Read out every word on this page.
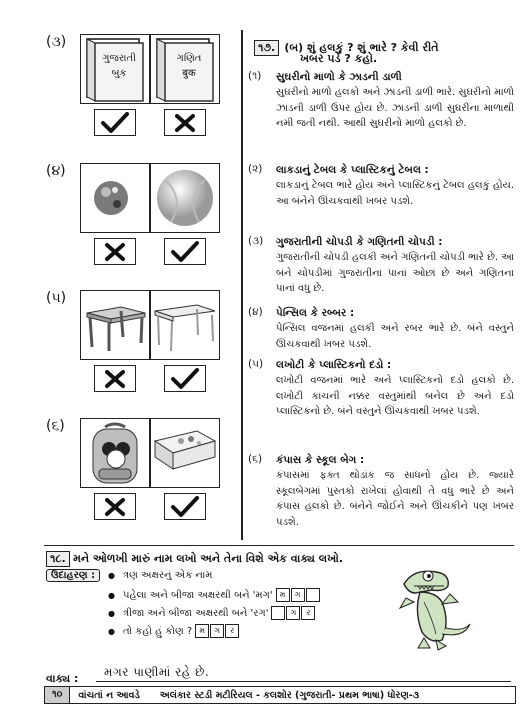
(૩)
ગુજરાતી
બુક
ગણિત
बुक
(૪)
(૫)
(૬)
૧૭. (બ) શું હલકું ? શું ભારે ? કેવી રીતે
ખબર પડે ? કહો.
(૧) સુઘરીનો માળો કે ઝાડની ડાળી
સુઘરીનો માળો હલકો અને ઝાડની ડાળી ભારે. સુઘરીનો માળો ઝાડની ડાળી ઉપર હોય છે. ઝાડની ડાળી સુઘરીના માળાથી નમી જતી નથી. આથી સુઘરીનો માળો હલકો છે.
(૨) લાકડાનું ટેબલ કે પ્લાસ્ટિકનું ટેબલ :
લાકડાનું ટેબલ ભારે હોય અને પ્લાસ્ટિકનું ટેબલ હલકું હોય. આ બંનેને ઊંચકવાથી ખબર પડશે.
(૩) ગુજરાતીની ચોપડી કે ગણિતની ચોપડી :
ગુજરાતીની ચોપડી હલકી અને ગણિતની ચોપડી ભારે છે. આ બંને ચોપડીમાં ગુજરાતીના પાનાં ઓછાં છે અને ગણિતના પાનાં વધુ છે.
(૪) પેન્સિલ કે રબ્બર :
પેન્સિલ વજનમાં હલકી અને રબર ભારે છે. બંને વસ્તુને ઊંચકવાથી ખબર પડશે.
(૫) લખોટી કે પ્લાસ્ટિકનો દડો :
લખોટી વજનમાં ભારે અને પ્લાસ્ટિકનો દડો હલકો છે. લખોટી કાચની નક્કર વસ્તુમાંથી બનેલ છે અને દડો પ્લાસ્ટિકનો છે. બંને વસ્તુને ઊંચકવાથી ખબર પડશે.
(૬) કંપાસ કે સ્કૂલ બેગ :
કંપાસમાં ફક્ત થોડાંક જ સાધનો હોય છે. જ્યારે સ્કૂલબેગમાં પુસ્તકો રાખેલાં હોવાથી તે વધુ ભારે છે અને કંપાસ હલકો છે. બંનેને જોઈને અને ઊંચકીને પણ ખબર પડશે.
૧૮. મને ઓળખી મારું નામ લખો અને તેના વિશે એક વાક્ય લખો.
ઉદાહરણ :	● ત્રણ અક્ષરનું એક નામ
● પહેલા અને બીજા અક્ષરથી બને 'મગ' મ ગ
● ત્રીજા અને બીજા અક્ષરથી બને 'રગ'	ગ ર
● તો કહો હું કોણ ? મ ગ ર
વાક્ય : મગર પાણીમાં રહે છે.
૧૦	વાંચતાં ન આવડે	અલંકાર સ્ટડી મટીરિયલ - કલશોર (ગુજરાતી- પ્રથમ ભાષા) ધોરણ-૩
